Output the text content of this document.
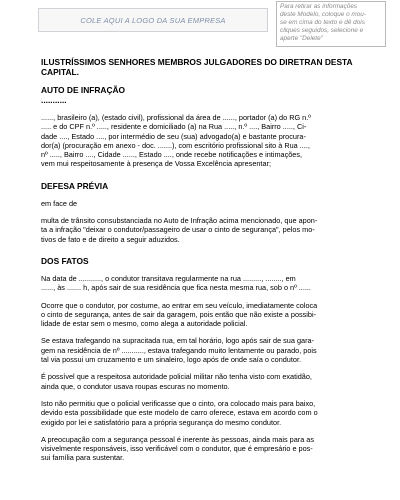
COLE AQUI A LOGO DA SUA EMPRESA
Para retirar as informações
deste Modelo, coloque o mou-
se em cima do texto e dê dois
cliques seguidos, selecione e
aperte "Delete"
ILUSTRÍSSIMOS SENHORES MEMBROS JULGADORES DO DIRETRAN DESTA
CAPITAL.
AUTO DE INFRAÇÃO
...........
......, brasileiro (a), (estado civil), profissional da área de ......, portador (a) do RG n.º
..... e do CPF n.º ....., residente e domiciliado (a) na Rua ....., n.º ...., Bairro ....., Ci-
dade ...., Estado ...., por intermédio de seu (sua) advogado(a) e bastante procura-
dor(a) (procuração em anexo - doc. .......), com escritório profissional sito à Rua ....,
nº ....., Bairro ...., Cidade ......, Estado ...., onde recebe notificações e intimações,
vem mui respeitosamente à presença de Vossa Excelência apresentar;
DEFESA PRÉVIA
em face de
multa de trânsito consubstanciada no Auto de Infração acima mencionado, que apon-
ta a infração "deixar o condutor/passageiro de usar o cinto de segurança", pelos mo-
tivos de fato e de direito a seguir aduzidos.
DOS FATOS
Na data de ..........., o condutor transitava regularmente na rua ........., ........, em
......, às ....... h, após sair de sua residência que fica nesta mesma rua, sob o nº ......
Ocorre que o condutor, por costume, ao entrar em seu veículo, imediatamente coloca
o cinto de segurança, antes de sair da garagem, pois então que não existe a possibi-
lidade de estar sem o mesmo, como alega a autoridade policial.
Se estava trafegando na supracitada rua, em tal horário, logo após sair de sua gara-
gem na residência de nº ..........., estava trafegando muito lentamente ou parado, pois
tal via possui um cruzamento e um sinaleiro, logo após de onde saía o condutor.
É possível que a respeitosa autoridade policial militar não tenha visto com exatidão,
ainda que, o condutor usava roupas escuras no momento.
Isto não permitiu que o policial verificasse que o cinto, ora colocado mais para baixo,
devido esta possibilidade que este modelo de carro oferece, estava em acordo com o
exigido por lei e satisfatório para a própria segurança do mesmo condutor.
A preocupação com a segurança pessoal é inerente às pessoas, ainda mais para as
visivelmente responsáveis, isso verificável com o condutor, que é empresário e pos-
sui família para sustentar.
